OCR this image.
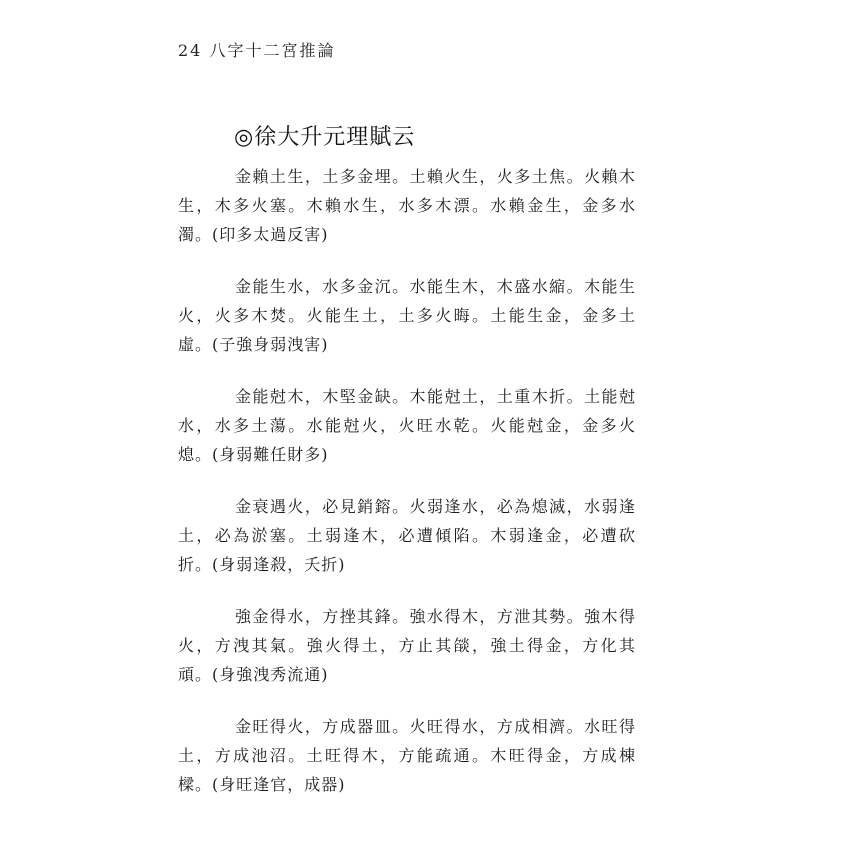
24 八字十二宮推論
◎徐大升元理賦云

金賴土生，土多金埋。土賴火生，火多土焦。火賴木生，木多火塞。木賴水生，水多木漂。水賴金生，金多水濁。(印多太過反害)

金能生水，水多金沉。水能生木，木盛水縮。木能生火，火多木焚。火能生土，土多火晦。土能生金，金多土虛。(子強身弱洩害)

金能尅木，木堅金缺。木能尅土，土重木折。土能尅水，水多土蕩。水能尅火，火旺水乾。火能尅金，金多火熄。(身弱難任財多)

金衰遇火，必見銷鎔。火弱逢水，必為熄滅，水弱逢土，必為淤塞。土弱逢木，必遭傾陷。木弱逢金，必遭砍折。(身弱逢殺，夭折)

強金得水，方挫其鋒。強水得木，方泄其勢。強木得火，方洩其氣。強火得土，方止其燄，強土得金，方化其頑。(身強洩秀流通)

金旺得火，方成器皿。火旺得水，方成相濟。水旺得土，方成池沼。土旺得木，方能疏通。木旺得金，方成棟樑。(身旺逢官，成器)
